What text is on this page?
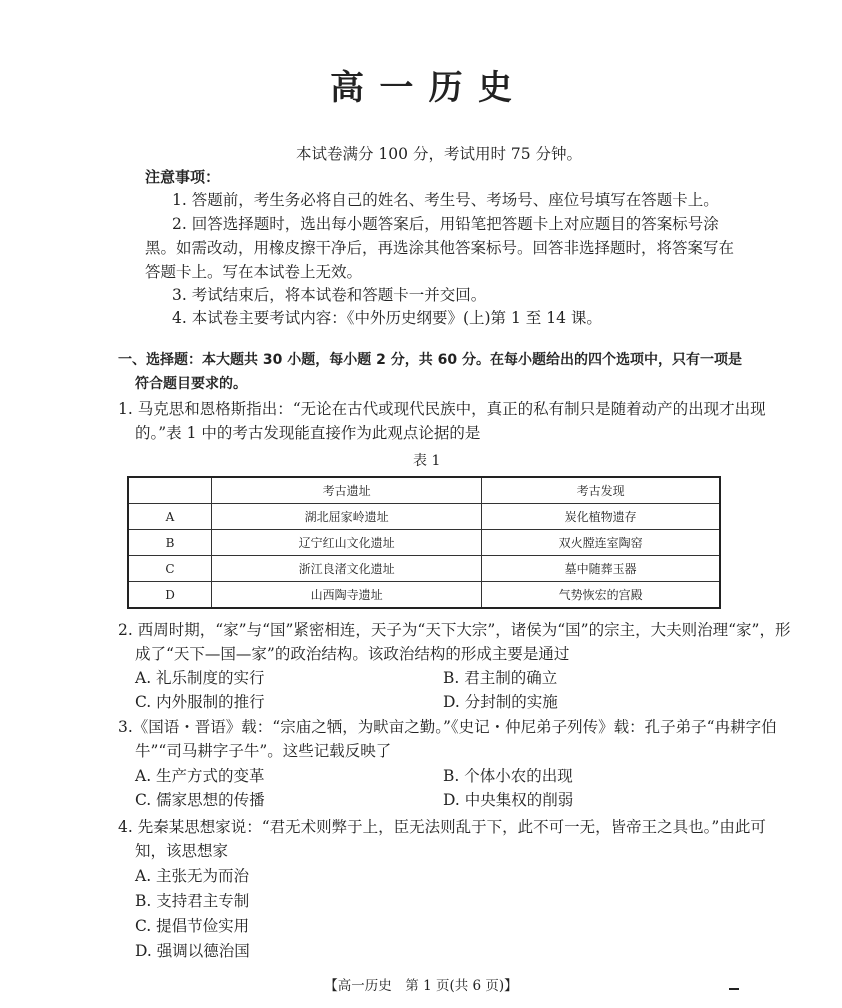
高一历史
本试卷满分 100 分，考试用时 75 分钟。
注意事项：
1. 答题前，考生务必将自己的姓名、考生号、考场号、座位号填写在答题卡上。
2. 回答选择题时，选出每小题答案后，用铅笔把答题卡上对应题目的答案标号涂
黑。如需改动，用橡皮擦干净后，再选涂其他答案标号。回答非选择题时，将答案写在
答题卡上。写在本试卷上无效。
3. 考试结束后，将本试卷和答题卡一并交回。
4. 本试卷主要考试内容：《中外历史纲要》(上)第 1 至 14 课。
一、选择题：本大题共 30 小题，每小题 2 分，共 60 分。在每小题给出的四个选项中，只有一项是
符合题目要求的。
1. 马克思和恩格斯指出：“无论在古代或现代民族中，真正的私有制只是随着动产的出现才出现
的。”表 1 中的考古发现能直接作为此观点论据的是
表 1
	考古遗址	考古发现
A	湖北屈家岭遗址	炭化植物遗存
B	辽宁红山文化遗址	双火膛连室陶窑
C	浙江良渚文化遗址	墓中随葬玉器
D	山西陶寺遗址	气势恢宏的宫殿
2. 西周时期，“家”与“国”紧密相连，天子为“天下大宗”，诸侯为“国”的宗主，大夫则治理“家”，形
成了“天下—国—家”的政治结构。该政治结构的形成主要是通过
A. 礼乐制度的实行	B. 君主制的确立
C. 内外服制的推行	D. 分封制的实施
3.《国语・晋语》载：“宗庙之牺，为畎亩之勤。”《史记・仲尼弟子列传》载：孔子弟子“冉耕字伯
牛”“司马耕字子牛”。这些记载反映了
A. 生产方式的变革	B. 个体小农的出现
C. 儒家思想的传播	D. 中央集权的削弱
4. 先秦某思想家说：“君无术则弊于上，臣无法则乱于下，此不可一无，皆帝王之具也。”由此可
知，该思想家
A. 主张无为而治
B. 支持君主专制
C. 提倡节俭实用
D. 强调以德治国
【高一历史　第 1 页(共 6 页)】
